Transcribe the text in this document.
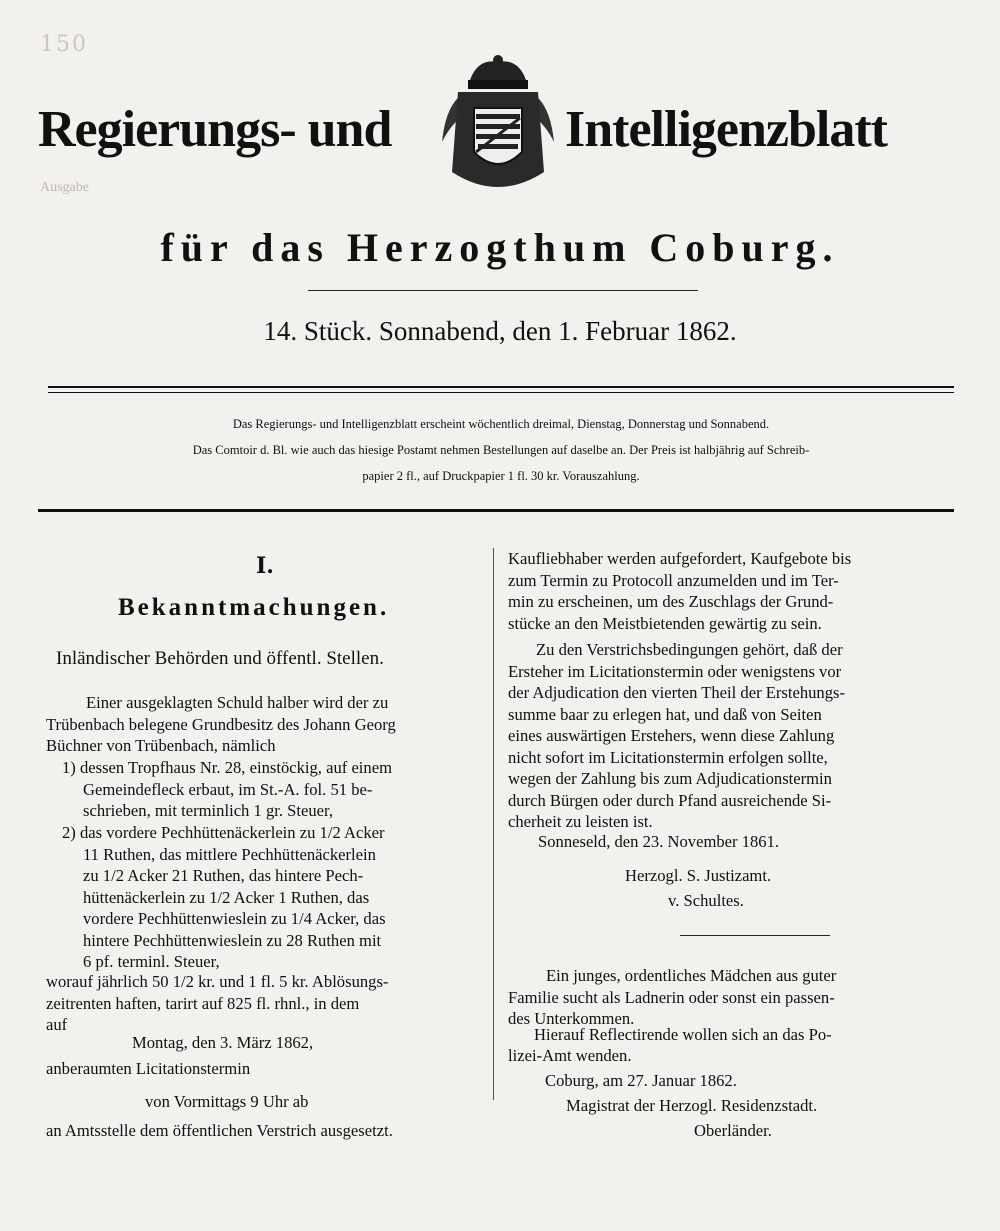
150
Regierungs- und	Intelligenzblatt
für das Herzogthum Coburg.
14. Stück. Sonnabend, den 1. Februar 1862.
Das Regierungs- und Intelligenzblatt erscheint wöchentlich dreimal, Dienstag, Donnerstag und Sonnabend.
Das Comtoir d. Bl. wie auch das hiesige Postamt nehmen Bestellungen auf daselbe an. Der Preis ist halbjährig auf Schreib-
papier 2 fl., auf Druckpapier 1 fl. 30 kr. Vorauszahlung.
Ausgabe
I.
Bekanntmachungen.
Inländischer Behörden und öffentl. Stellen.
Einer ausgeklagten Schuld halber wird der zu
Trübenbach belegene Grundbesitz des Johann Georg
Büchner von Trübenbach, nämlich
1) dessen Tropfhaus Nr. 28, einstöckig, auf einem
Gemeindefleck erbaut, im St.-A. fol. 51 be-
schrieben, mit terminlich 1 gr. Steuer,
2) das vordere Pechhüttenäckerlein zu 1/2 Acker
11 Ruthen, das mittlere Pechhüttenäckerlein
zu 1/2 Acker 21 Ruthen, das hintere Pech-
hüttenäckerlein zu 1/2 Acker 1 Ruthen, das
vordere Pechhüttenwieslein zu 1/4 Acker, das
hintere Pechhüttenwieslein zu 28 Ruthen mit
6 pf. terminl. Steuer,
worauf jährlich 50 1/2 kr. und 1 fl. 5 kr. Ablösungs-
zeitrenten haften, tarirt auf 825 fl. rhnl., in dem
auf
Montag, den 3. März 1862,
anberaumten Licitationstermin
von Vormittags 9 Uhr ab
an Amtsstelle dem öffentlichen Verstrich ausgesetzt.
Kaufliebhaber werden aufgefordert, Kaufgebote bis
zum Termin zu Protocoll anzumelden und im Ter-
min zu erscheinen, um des Zuschlags der Grund-
stücke an den Meistbietenden gewärtig zu sein.
Zu den Verstrichsbedingungen gehört, daß der
Ersteher im Licitationstermin oder wenigstens vor
der Adjudication den vierten Theil der Erstehungs-
summe baar zu erlegen hat, und daß von Seiten
eines auswärtigen Erstehers, wenn diese Zahlung
nicht sofort im Licitationstermin erfolgen sollte,
wegen der Zahlung bis zum Adjudicationstermin
durch Bürgen oder durch Pfand ausreichende Si-
cherheit zu leisten ist.
Sonneseld, den 23. November 1861.
Herzogl. S. Justizamt.
v. Schultes.
Ein junges, ordentliches Mädchen aus guter
Familie sucht als Ladnerin oder sonst ein passen-
des Unterkommen.
Hierauf Reflectirende wollen sich an das Po-
lizei-Amt wenden.
Coburg, am 27. Januar 1862.
Magistrat der Herzogl. Residenzstadt.
Oberländer.
